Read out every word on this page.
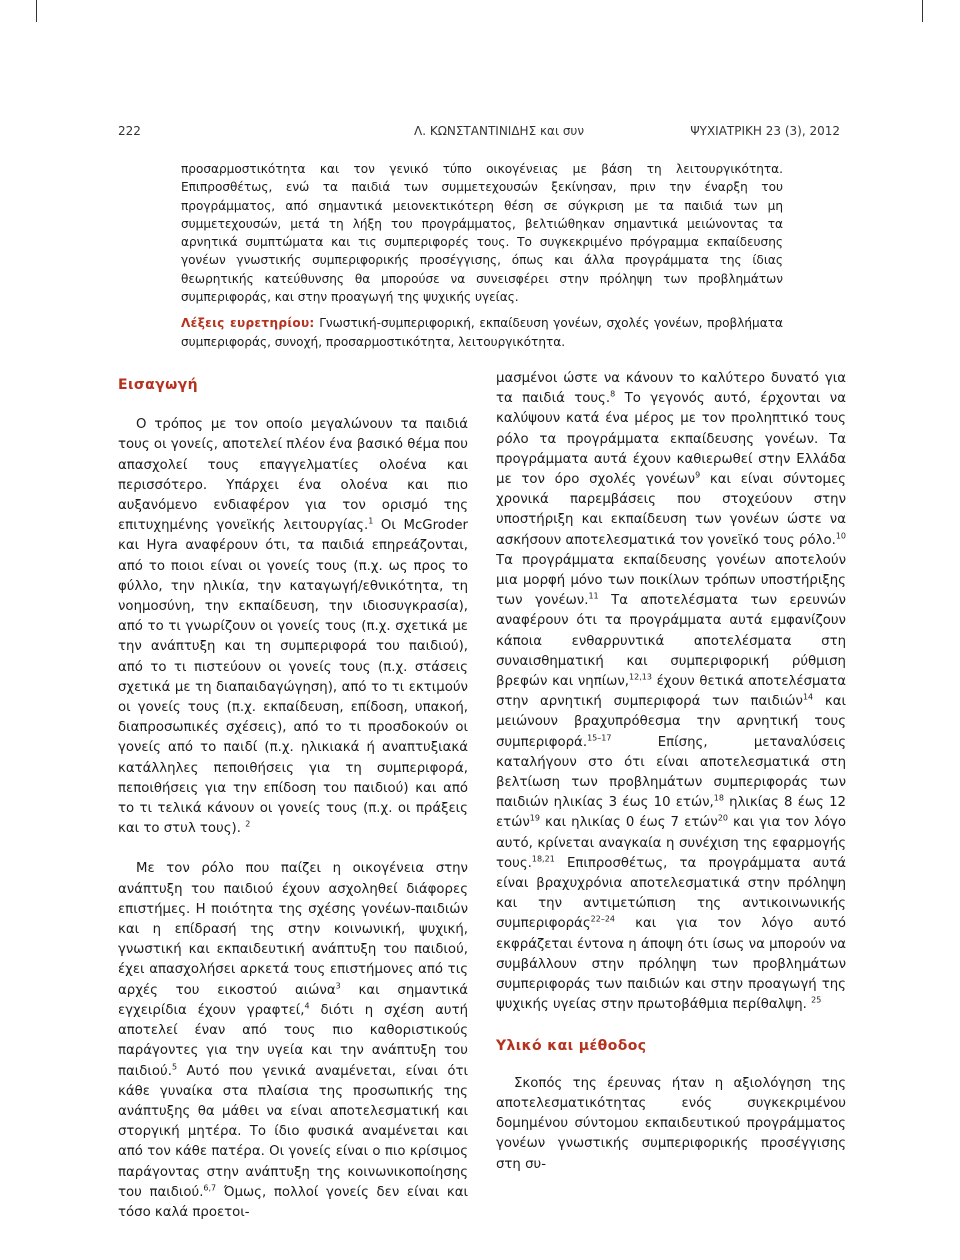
222	Λ. ΚΩΝΣΤΑΝΤΙΝΙΔΗΣ και συν	ΨΥΧΙΑΤΡΙΚΗ 23 (3), 2012

προσαρμοστικότητα και τον γενικό τύπο οικογένειας με βάση τη λειτουργικότητα. Επιπροσθέτως, ενώ τα παιδιά των συμμετεχουσών ξεκίνησαν, πριν την έναρξη του προγράμματος, από σημαντικά μειονεκτικότερη θέση σε σύγκριση με τα παιδιά των μη συμμετεχουσών, μετά τη λήξη του προγράμματος, βελτιώθηκαν σημαντικά μειώνοντας τα αρνητικά συμπτώματα και τις συμπεριφορές τους. Το συγκεκριμένο πρόγραμμα εκπαίδευσης γονέων γνωστικής συμπεριφορικής προσέγγισης, όπως και άλλα προγράμματα της ίδιας θεωρητικής κατεύθυνσης θα μπορούσε να συνεισφέρει στην πρόληψη των προβλημάτων συμπεριφοράς, και στην προαγωγή της ψυχικής υγείας.

Λέξεις ευρετηρίου: Γνωστική-συμπεριφορική, εκπαίδευση γονέων, σχολές γονέων, προβλήματα συμπεριφοράς, συνοχή, προσαρμοστικότητα, λειτουργικότητα.

Εισαγωγή

Ο τρόπος με τον οποίο μεγαλώνουν τα παιδιά τους οι γονείς, αποτελεί πλέον ένα βασικό θέμα που απασχολεί τους επαγγελματίες ολοένα και περισσότερο. Υπάρχει ένα ολοένα και πιο αυξανόμενο ενδιαφέρον για τον ορισμό της επιτυχημένης γονεϊκής λειτουργίας.$^1$ Οι McGroder και Hyra αναφέρουν ότι, τα παιδιά επηρεάζονται, από το ποιοι είναι οι γονείς τους (π.χ. ως προς το φύλλο, την ηλικία, την καταγωγή/εθνικότητα, τη νοημοσύνη, την εκπαίδευση, την ιδιοσυγκρασία), από το τι γνωρίζουν οι γονείς τους (π.χ. σχετικά με την ανάπτυξη και τη συμπεριφορά του παιδιού), από το τι πιστεύουν οι γονείς τους (π.χ. στάσεις σχετικά με τη διαπαιδαγώγηση), από το τι εκτιμούν οι γονείς τους (π.χ. εκπαίδευση, επίδοση, υπακοή, διαπροσωπικές σχέσεις), από το τι προσδοκούν οι γονείς από το παιδί (π.χ. ηλικιακά ή αναπτυξιακά κατάλληλες πεποιθήσεις για τη συμπεριφορά, πεποιθήσεις για την επίδοση του παιδιού) και από το τι τελικά κάνουν οι γονείς τους (π.χ. οι πράξεις και το στυλ τους). $^2$

Με τον ρόλο που παίζει η οικογένεια στην ανάπτυξη του παιδιού έχουν ασχοληθεί διάφορες επιστήμες. Η ποιότητα της σχέσης γονέων-παιδιών και η επίδρασή της στην κοινωνική, ψυχική, γνωστική και εκπαιδευτική ανάπτυξη του παιδιού, έχει απασχολήσει αρκετά τους επιστήμονες από τις αρχές του εικοστού αιώνα$^3$ και σημαντικά εγχειρίδια έχουν γραφτεί,$^4$ διότι η σχέση αυτή αποτελεί έναν από τους πιο καθοριστικούς παράγοντες για την υγεία και την ανάπτυξη του παιδιού.$^5$ Αυτό που γενικά αναμένεται, είναι ότι κάθε γυναίκα στα πλαίσια της προσωπικής της ανάπτυξης θα μάθει να είναι αποτελεσματική και στοργική μητέρα. Το ίδιο φυσικά αναμένεται και από τον κάθε πατέρα. Οι γονείς είναι ο πιο κρίσιμος παράγοντας στην ανάπτυξη της κοινωνικοποίησης του παιδιού.$^{6,7}$ Όμως, πολλοί γονείς δεν είναι και τόσο καλά προετοι-

μασμένοι ώστε να κάνουν το καλύτερο δυνατό για τα παιδιά τους.$^8$ Το γεγονός αυτό, έρχονται να καλύψουν κατά ένα μέρος με τον προληπτικό τους ρόλο τα προγράμματα εκπαίδευσης γονέων. Τα προγράμματα αυτά έχουν καθιερωθεί στην Ελλάδα με τον όρο σχολές γονέων$^9$ και είναι σύντομες χρονικά παρεμβάσεις που στοχεύουν στην υποστήριξη και εκπαίδευση των γονέων ώστε να ασκήσουν αποτελεσματικά τον γονεϊκό τους ρόλο.$^{10}$ Τα προγράμματα εκπαίδευσης γονέων αποτελούν μια μορφή μόνο των ποικίλων τρόπων υποστήριξης των γονέων.$^{11}$ Τα αποτελέσματα των ερευνών αναφέρουν ότι τα προγράμματα αυτά εμφανίζουν κάποια ενθαρρυντικά αποτελέσματα στη συναισθηματική και συμπεριφορική ρύθμιση βρεφών και νηπίων,$^{12,13}$ έχουν θετικά αποτελέσματα στην αρνητική συμπεριφορά των παιδιών$^{14}$ και μειώνουν βραχυπρόθεσμα την αρνητική τους συμπεριφορά.$^{15-17}$ Επίσης, μεταναλύσεις καταλήγουν στο ότι είναι αποτελεσματικά στη βελτίωση των προβλημάτων συμπεριφοράς των παιδιών ηλικίας 3 έως 10 ετών,$^{18}$ ηλικίας 8 έως 12 ετών$^{19}$ και ηλικίας 0 έως 7 ετών$^{20}$ και για τον λόγο αυτό, κρίνεται αναγκαία η συνέχιση της εφαρμογής τους.$^{18,21}$ Επιπροσθέτως, τα προγράμματα αυτά είναι βραχυχρόνια αποτελεσματικά στην πρόληψη και την αντιμετώπιση της αντικοινωνικής συμπεριφοράς$^{22-24}$ και για τον λόγο αυτό εκφράζεται έντονα η άποψη ότι ίσως να μπορούν να συμβάλλουν στην πρόληψη των προβλημάτων συμπεριφοράς των παιδιών και στην προαγωγή της ψυχικής υγείας στην πρωτοβάθμια περίθαλψη. $^{25}$

Υλικό και μέθοδος

Σκοπός της έρευνας ήταν η αξιολόγηση της αποτελεσματικότητας ενός συγκεκριμένου δομημένου σύντομου εκπαιδευτικού προγράμματος γονέων γνωστικής συμπεριφορικής προσέγγισης στη συ-
